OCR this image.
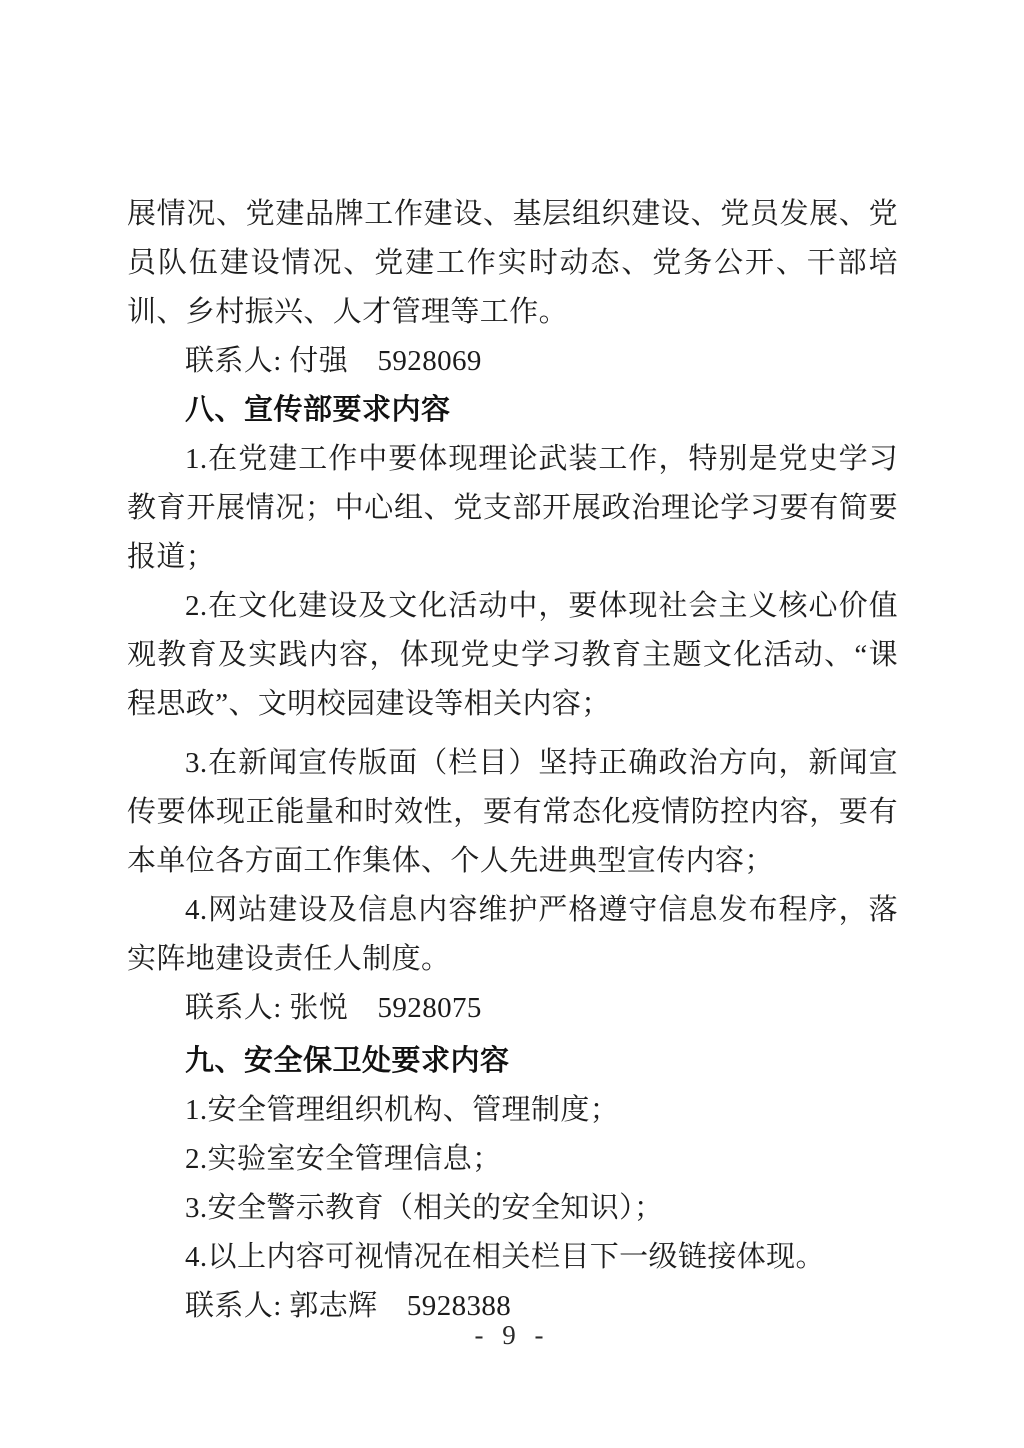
展情况、党建品牌工作建设、基层组织建设、党员发展、党员队伍建设情况、党建工作实时动态、党务公开、干部培训、乡村振兴、人才管理等工作。

联系人: 付强　5928069

八、宣传部要求内容

1.在党建工作中要体现理论武装工作，特别是党史学习教育开展情况；中心组、党支部开展政治理论学习要有简要报道；

2.在文化建设及文化活动中，要体现社会主义核心价值观教育及实践内容，体现党史学习教育主题文化活动、“课程思政”、文明校园建设等相关内容；

3.在新闻宣传版面（栏目）坚持正确政治方向，新闻宣传要体现正能量和时效性，要有常态化疫情防控内容，要有本单位各方面工作集体、个人先进典型宣传内容；

4.网站建设及信息内容维护严格遵守信息发布程序，落实阵地建设责任人制度。

联系人: 张悦　5928075

九、安全保卫处要求内容

1.安全管理组织机构、管理制度；

2.实验室安全管理信息；

3.安全警示教育（相关的安全知识）；

4.以上内容可视情况在相关栏目下一级链接体现。

联系人: 郭志辉　5928388

- 9 -
